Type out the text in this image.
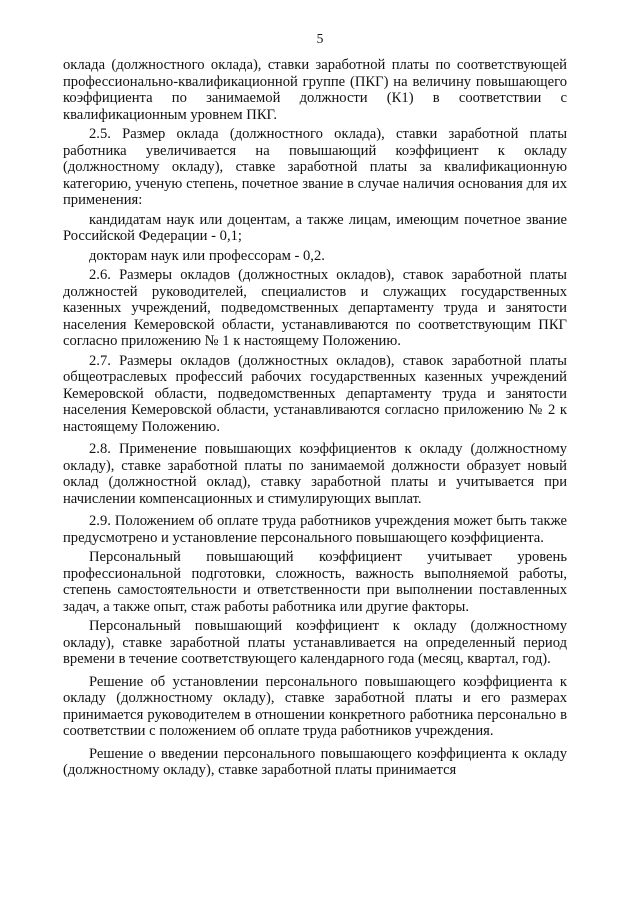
5

оклада (должностного оклада), ставки заработной платы по соответствующей профессионально-квалификационной группе (ПКГ) на величину повышающего коэффициента по занимаемой должности (К1) в соответствии с квалификационным уровнем ПКГ.

2.5. Размер оклада (должностного оклада), ставки заработной платы работника увеличивается на повышающий коэффициент к окладу (должностному окладу), ставке заработной платы за квалификационную категорию, ученую степень, почетное звание в случае наличия основания для их применения:

кандидатам наук или доцентам, а также лицам, имеющим почетное звание Российской Федерации - 0,1;

докторам наук или профессорам - 0,2.

2.6. Размеры окладов (должностных окладов), ставок заработной платы должностей руководителей, специалистов и служащих государственных казенных учреждений, подведомственных департаменту труда и занятости населения Кемеровской области, устанавливаются по соответствующим ПКГ согласно приложению № 1 к настоящему Положению.

2.7. Размеры окладов (должностных окладов), ставок заработной платы общеотраслевых профессий рабочих государственных казенных учреждений Кемеровской области, подведомственных департаменту труда и занятости населения Кемеровской области, устанавливаются согласно приложению № 2 к настоящему Положению.

2.8. Применение повышающих коэффициентов к окладу (должностному окладу), ставке заработной платы по занимаемой должности образует новый оклад (должностной оклад), ставку заработной платы и учитывается при начислении компенсационных и стимулирующих выплат.

2.9. Положением об оплате труда работников учреждения может быть также предусмотрено и установление персонального повышающего коэффициента.

Персональный повышающий коэффициент учитывает уровень профессиональной подготовки, сложность, важность выполняемой работы, степень самостоятельности и ответственности при выполнении поставленных задач, а также опыт, стаж работы работника или другие факторы.

Персональный повышающий коэффициент к окладу (должностному окладу), ставке заработной платы устанавливается на определенный период времени в течение соответствующего календарного года (месяц, квартал, год).

Решение об установлении персонального повышающего коэффициента к окладу (должностному окладу), ставке заработной платы и его размерах принимается руководителем в отношении конкретного работника персонально в соответствии с положением об оплате труда работников учреждения.

Решение о введении персонального повышающего коэффициента к окладу (должностному окладу), ставке заработной платы принимается
